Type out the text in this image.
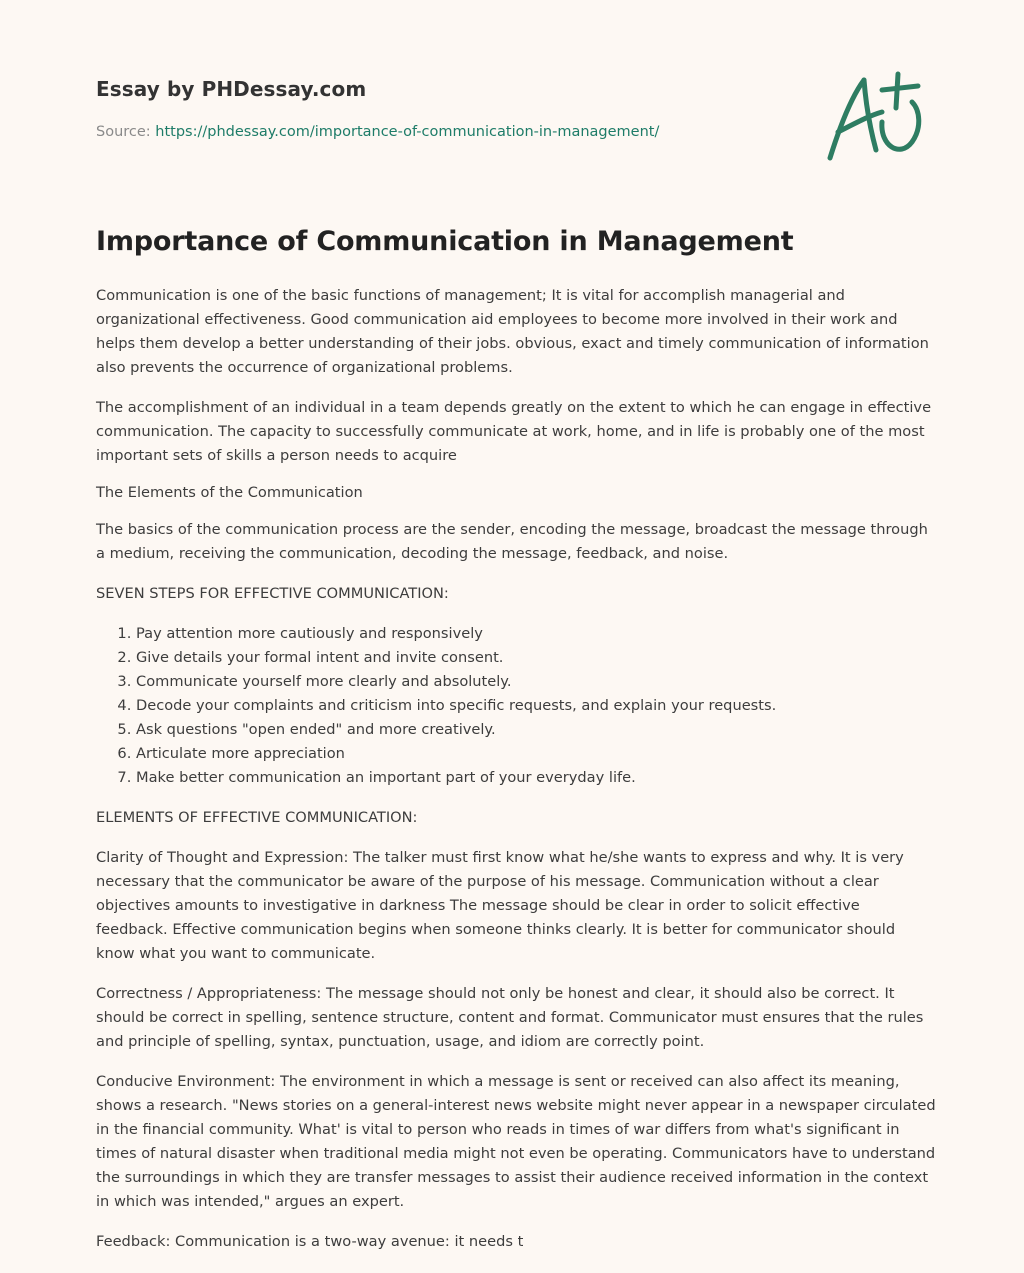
Essay by PHDessay.com
Source: https://phdessay.com/importance-of-communication-in-management/
Importance of Communication in Management

Communication is one of the basic functions of management; It is vital for accomplish managerial and organizational effectiveness. Good communication aid employees to become more involved in their work and helps them develop a better understanding of their jobs. obvious, exact and timely communication of information also prevents the occurrence of organizational problems.

The accomplishment of an individual in a team depends greatly on the extent to which he can engage in effective communication. The capacity to successfully communicate at work, home, and in life is probably one of the most important sets of skills a person needs to acquire

The Elements of the Communication

The basics of the communication process are the sender, encoding the message, broadcast the message through a medium, receiving the communication, decoding the message, feedback, and noise.

SEVEN STEPS FOR EFFECTIVE COMMUNICATION:

1. Pay attention more cautiously and responsively
2. Give details your formal intent and invite consent.
3. Communicate yourself more clearly and absolutely.
4. Decode your complaints and criticism into specific requests, and explain your requests.
5. Ask questions "open ended" and more creatively.
6. Articulate more appreciation
7. Make better communication an important part of your everyday life.

ELEMENTS OF EFFECTIVE COMMUNICATION:

Clarity of Thought and Expression: The talker must first know what he/she wants to express and why. It is very necessary that the communicator be aware of the purpose of his message. Communication without a clear objectives amounts to investigative in darkness The message should be clear in order to solicit effective feedback. Effective communication begins when someone thinks clearly. It is better for communicator should know what you want to communicate.

Correctness / Appropriateness: The message should not only be honest and clear, it should also be correct. It should be correct in spelling, sentence structure, content and format. Communicator must ensures that the rules and principle of spelling, syntax, punctuation, usage, and idiom are correctly point.

Conducive Environment: The environment in which a message is sent or received can also affect its meaning, shows a research. "News stories on a general-interest news website might never appear in a newspaper circulated in the financial community. What' is vital to person who reads in times of war differs from what's significant in times of natural disaster when traditional media might not even be operating. Communicators have to understand the surroundings in which they are transfer messages to assist their audience received information in the context in which was intended," argues an expert.

Feedback: Communication is a two-way avenue: it needs t
